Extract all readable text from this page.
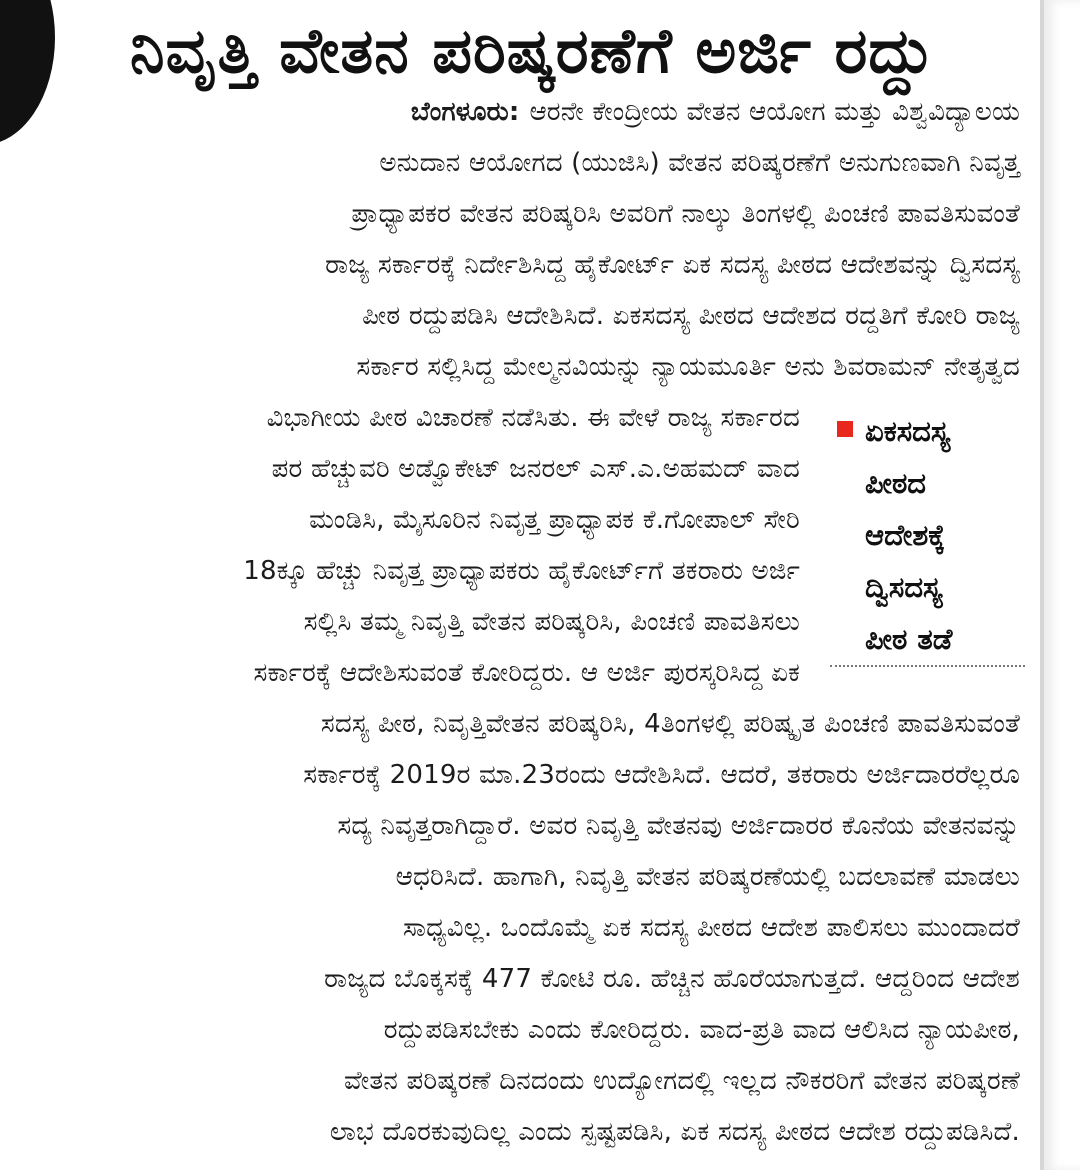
ನಿವೃತ್ತಿ ವೇತನ ಪರಿಷ್ಕರಣೆಗೆ ಅರ್ಜಿ ರದ್ದು
ಬೆಂಗಳೂರು: ಆರನೇ ಕೇಂದ್ರೀಯ ವೇತನ ಆಯೋಗ ಮತ್ತು ವಿಶ್ವವಿದ್ಯಾಲಯ
ಅನುದಾನ ಆಯೋಗದ (ಯುಜಿಸಿ) ವೇತನ ಪರಿಷ್ಕರಣೆಗೆ ಅನುಗುಣವಾಗಿ ನಿವೃತ್ತ
ಪ್ರಾಧ್ಯಾಪಕರ ವೇತನ ಪರಿಷ್ಕರಿಸಿ ಅವರಿಗೆ ನಾಲ್ಕು ತಿಂಗಳಲ್ಲಿ ಪಿಂಚಣಿ ಪಾವತಿಸುವಂತೆ
ರಾಜ್ಯ ಸರ್ಕಾರಕ್ಕೆ ನಿರ್ದೇಶಿಸಿದ್ದ ಹೈಕೋರ್ಟ್ ಏಕ ಸದಸ್ಯ ಪೀಠದ ಆದೇಶವನ್ನು ದ್ವಿಸದಸ್ಯ
ಪೀಠ ರದ್ದುಪಡಿಸಿ ಆದೇಶಿಸಿದೆ. ಏಕಸದಸ್ಯ ಪೀಠದ ಆದೇಶದ ರದ್ದತಿಗೆ ಕೋರಿ ರಾಜ್ಯ
ಸರ್ಕಾರ ಸಲ್ಲಿಸಿದ್ದ ಮೇಲ್ಮನವಿಯನ್ನು ನ್ಯಾಯಮೂರ್ತಿ ಅನು ಶಿವರಾಮನ್ ನೇತೃತ್ವದ
ವಿಭಾಗೀಯ ಪೀಠ ವಿಚಾರಣೆ ನಡೆಸಿತು. ಈ ವೇಳೆ ರಾಜ್ಯ ಸರ್ಕಾರದ
ಪರ ಹೆಚ್ಚುವರಿ ಅಡ್ವೊಕೇಟ್ ಜನರಲ್ ಎಸ್.ಎ.ಅಹಮದ್ ವಾದ
ಮಂಡಿಸಿ, ಮೈಸೂರಿನ ನಿವೃತ್ತ ಪ್ರಾಧ್ಯಾಪಕ ಕೆ.ಗೋಪಾಲ್ ಸೇರಿ
18ಕ್ಕೂ ಹೆಚ್ಚು ನಿವೃತ್ತ ಪ್ರಾಧ್ಯಾಪಕರು ಹೈಕೋರ್ಟ್‌ಗೆ ತಕರಾರು ಅರ್ಜಿ
ಸಲ್ಲಿಸಿ ತಮ್ಮ ನಿವೃತ್ತಿ ವೇತನ ಪರಿಷ್ಕರಿಸಿ, ಪಿಂಚಣಿ ಪಾವತಿಸಲು
ಸರ್ಕಾರಕ್ಕೆ ಆದೇಶಿಸುವಂತೆ ಕೋರಿದ್ದರು. ಆ ಅರ್ಜಿ ಪುರಸ್ಕರಿಸಿದ್ದ ಏಕ
ಸದಸ್ಯ ಪೀಠ, ನಿವೃತ್ತಿವೇತನ ಪರಿಷ್ಕರಿಸಿ, 4ತಿಂಗಳಲ್ಲಿ ಪರಿಷ್ಕೃತ ಪಿಂಚಣಿ ಪಾವತಿಸುವಂತೆ
ಸರ್ಕಾರಕ್ಕೆ 2019ರ ಮಾ.23ರಂದು ಆದೇಶಿಸಿದೆ. ಆದರೆ, ತಕರಾರು ಅರ್ಜಿದಾರರೆಲ್ಲರೂ
ಸದ್ಯ ನಿವೃತ್ತರಾಗಿದ್ದಾರೆ. ಅವರ ನಿವೃತ್ತಿ ವೇತನವು ಅರ್ಜಿದಾರರ ಕೊನೆಯ ವೇತನವನ್ನು
ಆಧರಿಸಿದೆ. ಹಾಗಾಗಿ, ನಿವೃತ್ತಿ ವೇತನ ಪರಿಷ್ಕರಣೆಯಲ್ಲಿ ಬದಲಾವಣೆ ಮಾಡಲು
ಸಾಧ್ಯವಿಲ್ಲ. ಒಂದೊಮ್ಮೆ ಏಕ ಸದಸ್ಯ ಪೀಠದ ಆದೇಶ ಪಾಲಿಸಲು ಮುಂದಾದರೆ
ರಾಜ್ಯದ ಬೊಕ್ಕಸಕ್ಕೆ 477 ಕೋಟಿ ರೂ. ಹೆಚ್ಚಿನ ಹೊರೆಯಾಗುತ್ತದೆ. ಆದ್ದರಿಂದ ಆದೇಶ
ರದ್ದುಪಡಿಸಬೇಕು ಎಂದು ಕೋರಿದ್ದರು. ವಾದ-ಪ್ರತಿ ವಾದ ಆಲಿಸಿದ ನ್ಯಾಯಪೀಠ,
ವೇತನ ಪರಿಷ್ಕರಣೆ ದಿನದಂದು ಉದ್ಯೋಗದಲ್ಲಿ ಇಲ್ಲದ ನೌಕರರಿಗೆ ವೇತನ ಪರಿಷ್ಕರಣೆ
ಲಾಭ ದೊರಕುವುದಿಲ್ಲ ಎಂದು ಸ್ಪಷ್ಟಪಡಿಸಿ, ಏಕ ಸದಸ್ಯ ಪೀಠದ ಆದೇಶ ರದ್ದುಪಡಿಸಿದೆ.
ಏಕಸದಸ್ಯ
ಪೀಠದ
ಆದೇಶಕ್ಕೆ
ದ್ವಿಸದಸ್ಯ
ಪೀಠ ತಡೆ
